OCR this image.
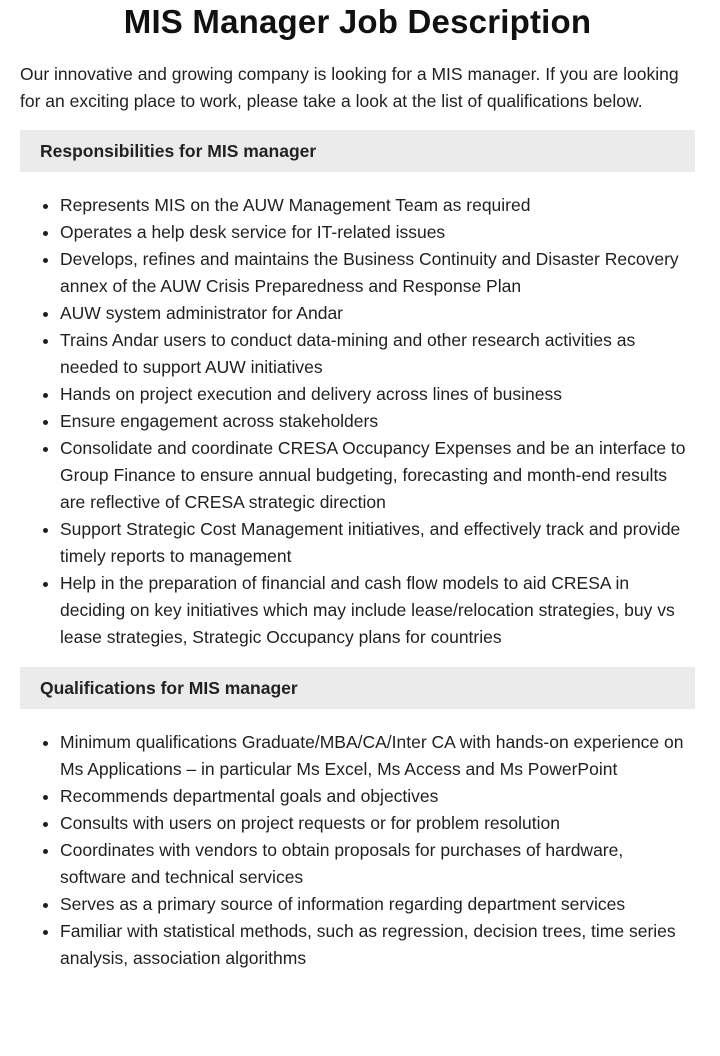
MIS Manager Job Description

Our innovative and growing company is looking for a MIS manager. If you are looking for an exciting place to work, please take a look at the list of qualifications below.

Responsibilities for MIS manager
• Represents MIS on the AUW Management Team as required
• Operates a help desk service for IT-related issues
• Develops, refines and maintains the Business Continuity and Disaster Recovery annex of the AUW Crisis Preparedness and Response Plan
• AUW system administrator for Andar
• Trains Andar users to conduct data-mining and other research activities as needed to support AUW initiatives
• Hands on project execution and delivery across lines of business
• Ensure engagement across stakeholders
• Consolidate and coordinate CRESA Occupancy Expenses and be an interface to Group Finance to ensure annual budgeting, forecasting and month-end results are reflective of CRESA strategic direction
• Support Strategic Cost Management initiatives, and effectively track and provide timely reports to management
• Help in the preparation of financial and cash flow models to aid CRESA in deciding on key initiatives which may include lease/relocation strategies, buy vs lease strategies, Strategic Occupancy plans for countries
Qualifications for MIS manager
• Minimum qualifications Graduate/MBA/CA/Inter CA with hands-on experience on Ms Applications – in particular Ms Excel, Ms Access and Ms PowerPoint
• Recommends departmental goals and objectives
• Consults with users on project requests or for problem resolution
• Coordinates with vendors to obtain proposals for purchases of hardware, software and technical services
• Serves as a primary source of information regarding department services
• Familiar with statistical methods, such as regression, decision trees, time series analysis, association algorithms
